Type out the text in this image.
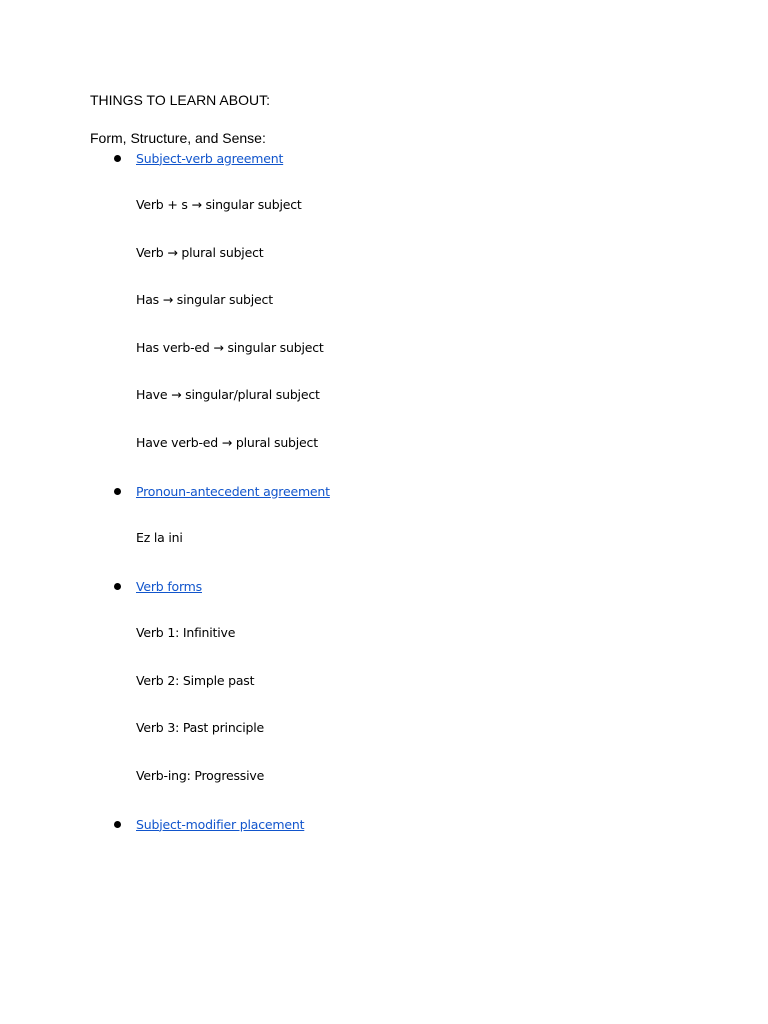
THINGS TO LEARN ABOUT:
Form, Structure, and Sense:
Subject-verb agreement
Verb + s → singular subject
Verb → plural subject
Has → singular subject
Has verb-ed → singular subject
Have → singular/plural subject
Have verb-ed → plural subject
Pronoun-antecedent agreement
Ez la ini
Verb forms
Verb 1: Infinitive
Verb 2: Simple past
Verb 3: Past principle
Verb-ing: Progressive
Subject-modifier placement
